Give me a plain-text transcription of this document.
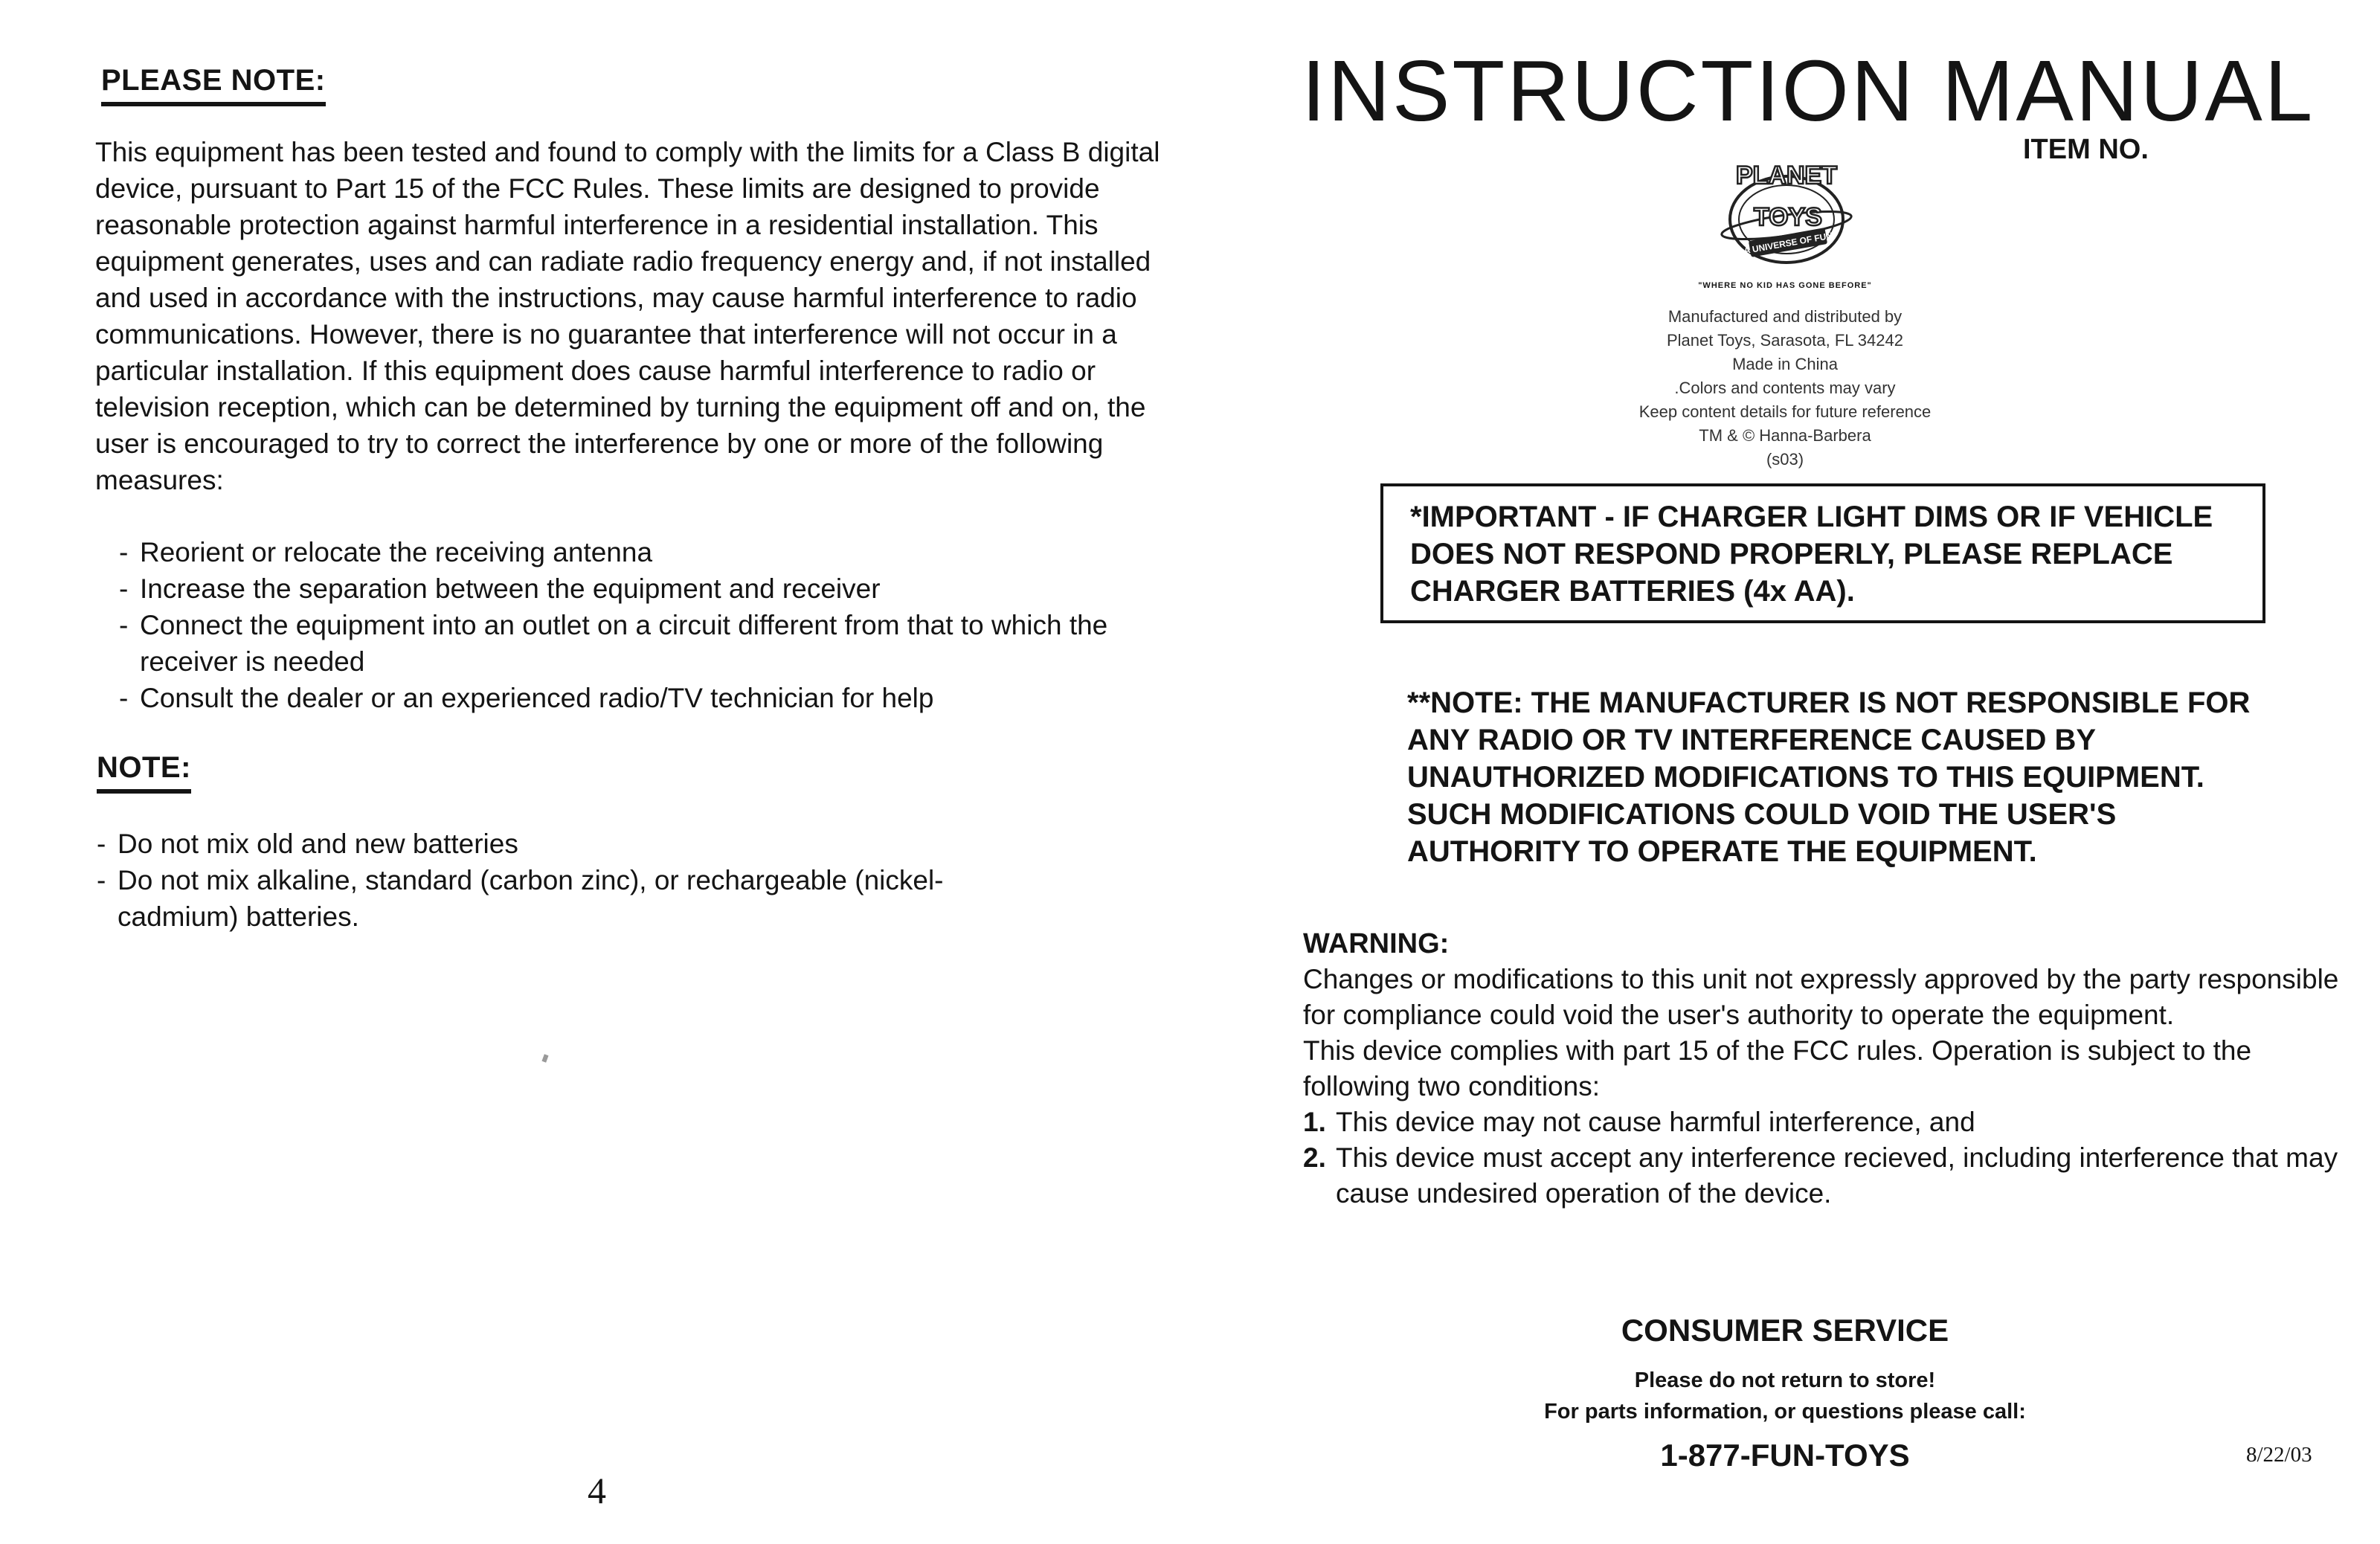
PLEASE NOTE:

This equipment has been tested and found to comply with the limits for a Class B digital device, pursuant to Part 15 of the FCC Rules. These limits are designed to provide reasonable protection against harmful interference in a residential installation. This equipment generates, uses and can radiate radio frequency energy and, if not installed and used in accordance with the instructions, may cause harmful interference to radio communications. However, there is no guarantee that interference will not occur in a particular installation. If this equipment does cause harmful interference to radio or television reception, which can be determined by turning the equipment off and on, the user is encouraged to try to correct the interference by one or more of the following measures:

- Reorient or relocate the receiving antenna

- Increase the separation between the equipment and receiver

- Connect the equipment into an outlet on a circuit different from that to which the receiver is needed

- Consult the dealer or an experienced radio/TV technician for help

NOTE:

- Do not mix old and new batteries

- Do not mix alkaline, standard (carbon zinc), or rechargeable (nickel-cadmium) batteries.

4
INSTRUCTION MANUAL
ITEM NO.
PLANET
TOYS
A UNIVERSE OF FUN
"WHERE NO KID HAS GONE BEFORE"
Manufactured and distributed by
Planet Toys, Sarasota, FL 34242
Made in China
.Colors and contents may vary
Keep content details for future reference
TM & © Hanna-Barbera
(s03)
*IMPORTANT - IF CHARGER LIGHT DIMS OR IF VEHICLE DOES NOT RESPOND PROPERLY, PLEASE REPLACE CHARGER BATTERIES (4x AA).
**NOTE: THE MANUFACTURER IS NOT RESPONSIBLE FOR ANY RADIO OR TV INTERFERENCE CAUSED BY UNAUTHORIZED MODIFICATIONS TO THIS EQUIPMENT. SUCH MODIFICATIONS COULD VOID THE USER'S AUTHORITY TO OPERATE THE EQUIPMENT.
WARNING:
Changes or modifications to this unit not expressly approved by the party responsible for compliance could void the user's authority to operate the equipment.
This device complies with part 15 of the FCC rules. Operation is subject to the following two conditions:
1. This device may not cause harmful interference, and
2. This device must accept any interference recieved, including interference that may cause undesired operation of the device.
CONSUMER SERVICE
Please do not return to store!
For parts information, or questions please call:
1-877-FUN-TOYS	8/22/03
